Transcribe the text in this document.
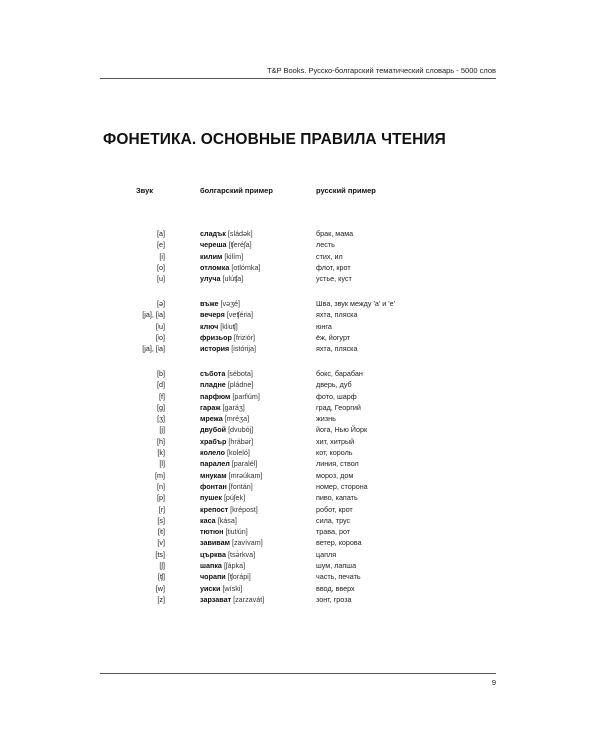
T&P Books. Русско-болгарский тематический словарь - 5000 слов
ФОНЕТИКА. ОСНОВНЫЕ ПРАВИЛА ЧТЕНИЯ
Звук	болгарский пример	русский пример
[a]	сладък [sládək]	брак, мама
[e]	череша [ʧeréʃa]	лесть
[i]	килим [kilím]	стих, ил
[o]	отломка [otlómka]	флот, крот
[u]	улуча [ulúʧa]	устье, куст
[ə]	въже [vəʒé]	Шва, звук между 'а' и 'е'
[ja], [ʲa]	вечеря [veʧérʲa]	яхта, пляска
[ʲu]	ключ [klʲuʧ]	юнга
[ʲo]	фризьор [frizʲór]	ёж, йогурт
[ja], [ʲa]	история [istórija]	яхта, пляска
[b]	събота [sébota]	бокс, барабан
[d]	пладне [pládne]	дверь, дуб
[f]	парфюм [parfʲúm]	фото, шарф
[g]	гараж [garáʒ]	град, Георгий
[ʒ]	мрежа [mréʒa]	жизнь
[j]	двубой [dvubój]	йога, Нью Йорк
[h]	храбър [hrábər]	хит, хитрый
[k]	колело [koleló]	кот, король
[l]	паралел [paralél]	линия, ствол
[m]	мнукам [mrəúkam]	мороз, дом
[n]	фонтан [fontán]	номер, сторона
[p]	пушек [púʃek]	пиво, капать
[r]	крепост [krépost]	робот, крот
[s]	каса [kása]	сила, трус
[ʲt]	тютюн [tʲutʲún]	трава, рот
[v]	завивам [zavívam]	ветер, корова
[ts]	църква [tsə́rkva]	цапля
[ʃ]	шапка [ʃápka]	шум, лапша
[ʧ]	чорапи [ʧorápi]	часть, печать
[w]	уиски [wíski]	ввод, вверх
[z]	зарзават [zarzavát]	зонт, гроза
9
